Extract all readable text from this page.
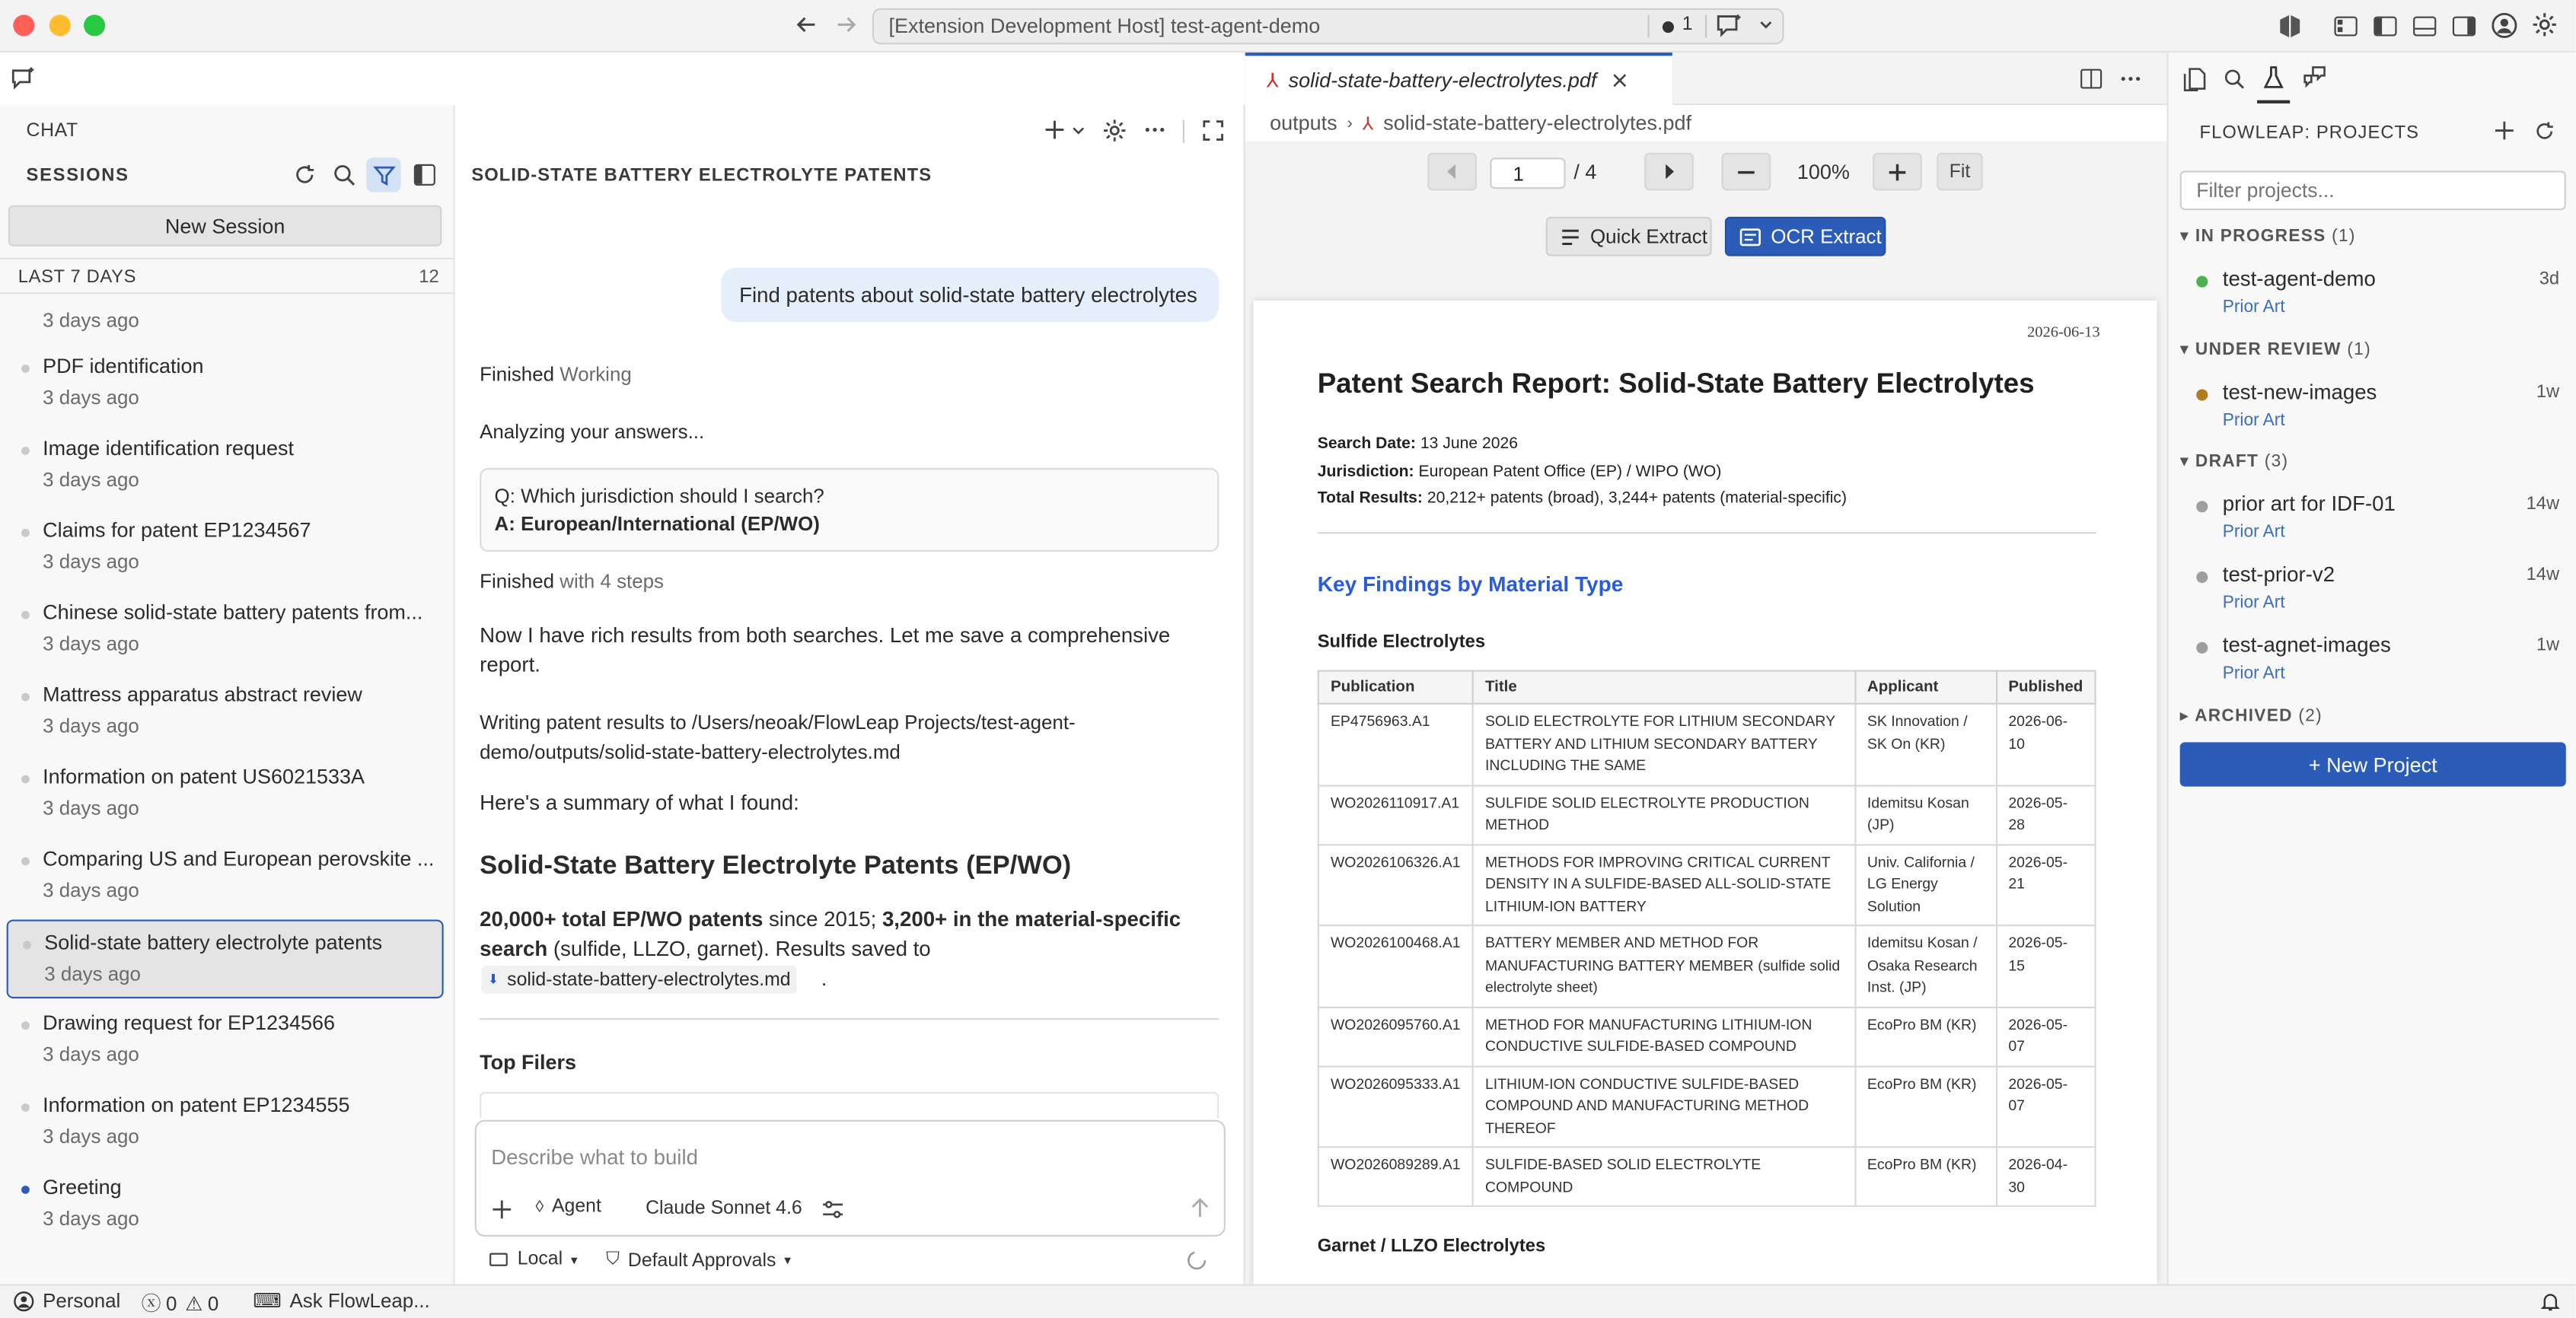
[Extension Development Host] test-agent-demo	1
CHAT
SESSIONS
New Session
LAST 7 DAYS	12
3 days ago
PDF identification
3 days ago
Image identification request
3 days ago
Claims for patent EP1234567
3 days ago
Chinese solid-state battery patents from...
3 days ago
Mattress apparatus abstract review
3 days ago
Information on patent US6021533A
3 days ago
Comparing US and European perovskite ...
3 days ago
Solid-state battery electrolyte patents
3 days ago
Drawing request for EP1234566
3 days ago
Information on patent EP1234555
3 days ago
Greeting
3 days ago
SOLID-STATE BATTERY ELECTROLYTE PATENTS
Find patents about solid-state battery electrolytes
Finished Working
Analyzing your answers...
Q: Which jurisdiction should I search?
A: European/International (EP/WO)
Finished with 4 steps
Now I have rich results from both searches. Let me save a comprehensive report.
Writing patent results to /Users/neoak/FlowLeap Projects/test-agent-demo/outputs/solid-state-battery-electrolytes.md
Here's a summary of what I found:
Solid-State Battery Electrolyte Patents (EP/WO)
20,000+ total EP/WO patents since 2015; 3,200+ in the material-specific search (sulfide, LLZO, garnet). Results saved to
⬇ solid-state-battery-electrolytes.md	.
Top Filers
Describe what to build
◊ Agent	Claude Sonnet 4.6
Local ▾	⛉ Default Approvals ▾
⅄ solid-state-battery-electrolytes.pdf
outputs › ⅄ solid-state-battery-electrolytes.pdf
1	/ 4	100%	Fit
Quick Extract	OCR Extract
2026-06-13
Patent Search Report: Solid-State Battery Electrolytes
Search Date: 13 June 2026
Jurisdiction: European Patent Office (EP) / WIPO (WO)
Total Results: 20,212+ patents (broad), 3,244+ patents (material-specific)
Key Findings by Material Type
Sulfide Electrolytes
Publication	Title	Applicant	Published
EP4756963.A1	SOLID ELECTROLYTE FOR LITHIUM SECONDARY BATTERY AND LITHIUM SECONDARY BATTERY INCLUDING THE SAME	SK Innovation / SK On (KR)	2026-06-10
WO2026110917.A1	SULFIDE SOLID ELECTROLYTE PRODUCTION METHOD	Idemitsu Kosan (JP)	2026-05-28
WO2026106326.A1	METHODS FOR IMPROVING CRITICAL CURRENT DENSITY IN A SULFIDE-BASED ALL-SOLID-STATE LITHIUM-ION BATTERY	Univ. California / LG Energy Solution	2026-05-21
WO2026100468.A1	BATTERY MEMBER AND METHOD FOR MANUFACTURING BATTERY MEMBER (sulfide solid electrolyte sheet)	Idemitsu Kosan / Osaka Research Inst. (JP)	2026-05-15
WO2026095760.A1	METHOD FOR MANUFACTURING LITHIUM-ION CONDUCTIVE SULFIDE-BASED COMPOUND	EcoPro BM (KR)	2026-05-07
WO2026095333.A1	LITHIUM-ION CONDUCTIVE SULFIDE-BASED COMPOUND AND MANUFACTURING METHOD THEREOF	EcoPro BM (KR)	2026-05-07
WO2026089289.A1	SULFIDE-BASED SOLID ELECTROLYTE COMPOUND	EcoPro BM (KR)	2026-04-30
Garnet / LLZO Electrolytes
FLOWLEAP: PROJECTS
Filter projects...
▾ IN PROGRESS (1)
▾ UNDER REVIEW (1)
▾ DRAFT (3)
▸ ARCHIVED (2)
test-agent-demo
Prior Art
3d
test-new-images
Prior Art
1w
prior art for IDF-01
Prior Art
14w
test-prior-v2
Prior Art
14w
test-agnet-images
Prior Art
1w
+ New Project
Personal ⓧ 0 ⚠ 0	⌨ Ask FlowLeap...
